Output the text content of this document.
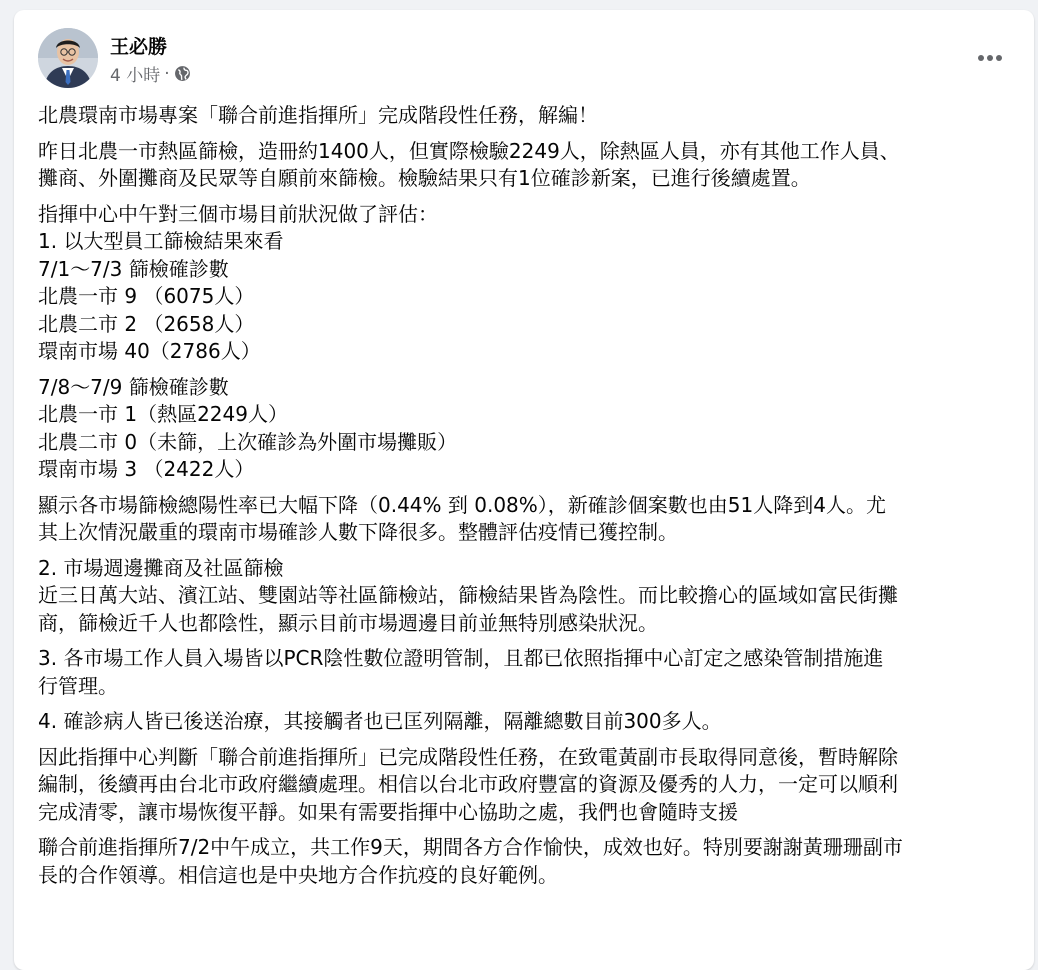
王必勝
4 小時 ·

北農環南市場專案「聯合前進指揮所」完成階段性任務，解編！

昨日北農一市熱區篩檢，造冊約1400人，但實際檢驗2249人，除熱區人員，亦有其他工作人員、
攤商、外圍攤商及民眾等自願前來篩檢。檢驗結果只有1位確診新案，已進行後續處置。

指揮中心中午對三個市場目前狀況做了評估：
1. 以大型員工篩檢結果來看
7/1～7/3 篩檢確診數
北農一市 9 （6075人）
北農二市 2 （2658人）
環南市場 40（2786人）

7/8～7/9 篩檢確診數
北農一市 1（熱區2249人）
北農二市 0（未篩，上次確診為外圍市場攤販）
環南市場 3 （2422人）

顯示各市場篩檢總陽性率已大幅下降（0.44% 到 0.08%），新確診個案數也由51人降到4人。尤
其上次情況嚴重的環南市場確診人數下降很多。整體評估疫情已獲控制。

2. 市場週邊攤商及社區篩檢
近三日萬大站、濱江站、雙園站等社區篩檢站，篩檢結果皆為陰性。而比較擔心的區域如富民街攤
商，篩檢近千人也都陰性，顯示目前市場週邊目前並無特別感染狀況。

3. 各市場工作人員入場皆以PCR陰性數位證明管制，且都已依照指揮中心訂定之感染管制措施進
行管理。

4. 確診病人皆已後送治療，其接觸者也已匡列隔離，隔離總數目前300多人。

因此指揮中心判斷「聯合前進指揮所」已完成階段性任務，在致電黃副市長取得同意後，暫時解除
編制，後續再由台北市政府繼續處理。相信以台北市政府豐富的資源及優秀的人力，一定可以順利
完成清零，讓市場恢復平靜。如果有需要指揮中心協助之處，我們也會隨時支援

聯合前進指揮所7/2中午成立，共工作9天，期間各方合作愉快，成效也好。特別要謝謝黃珊珊副市
長的合作領導。相信這也是中央地方合作抗疫的良好範例。
